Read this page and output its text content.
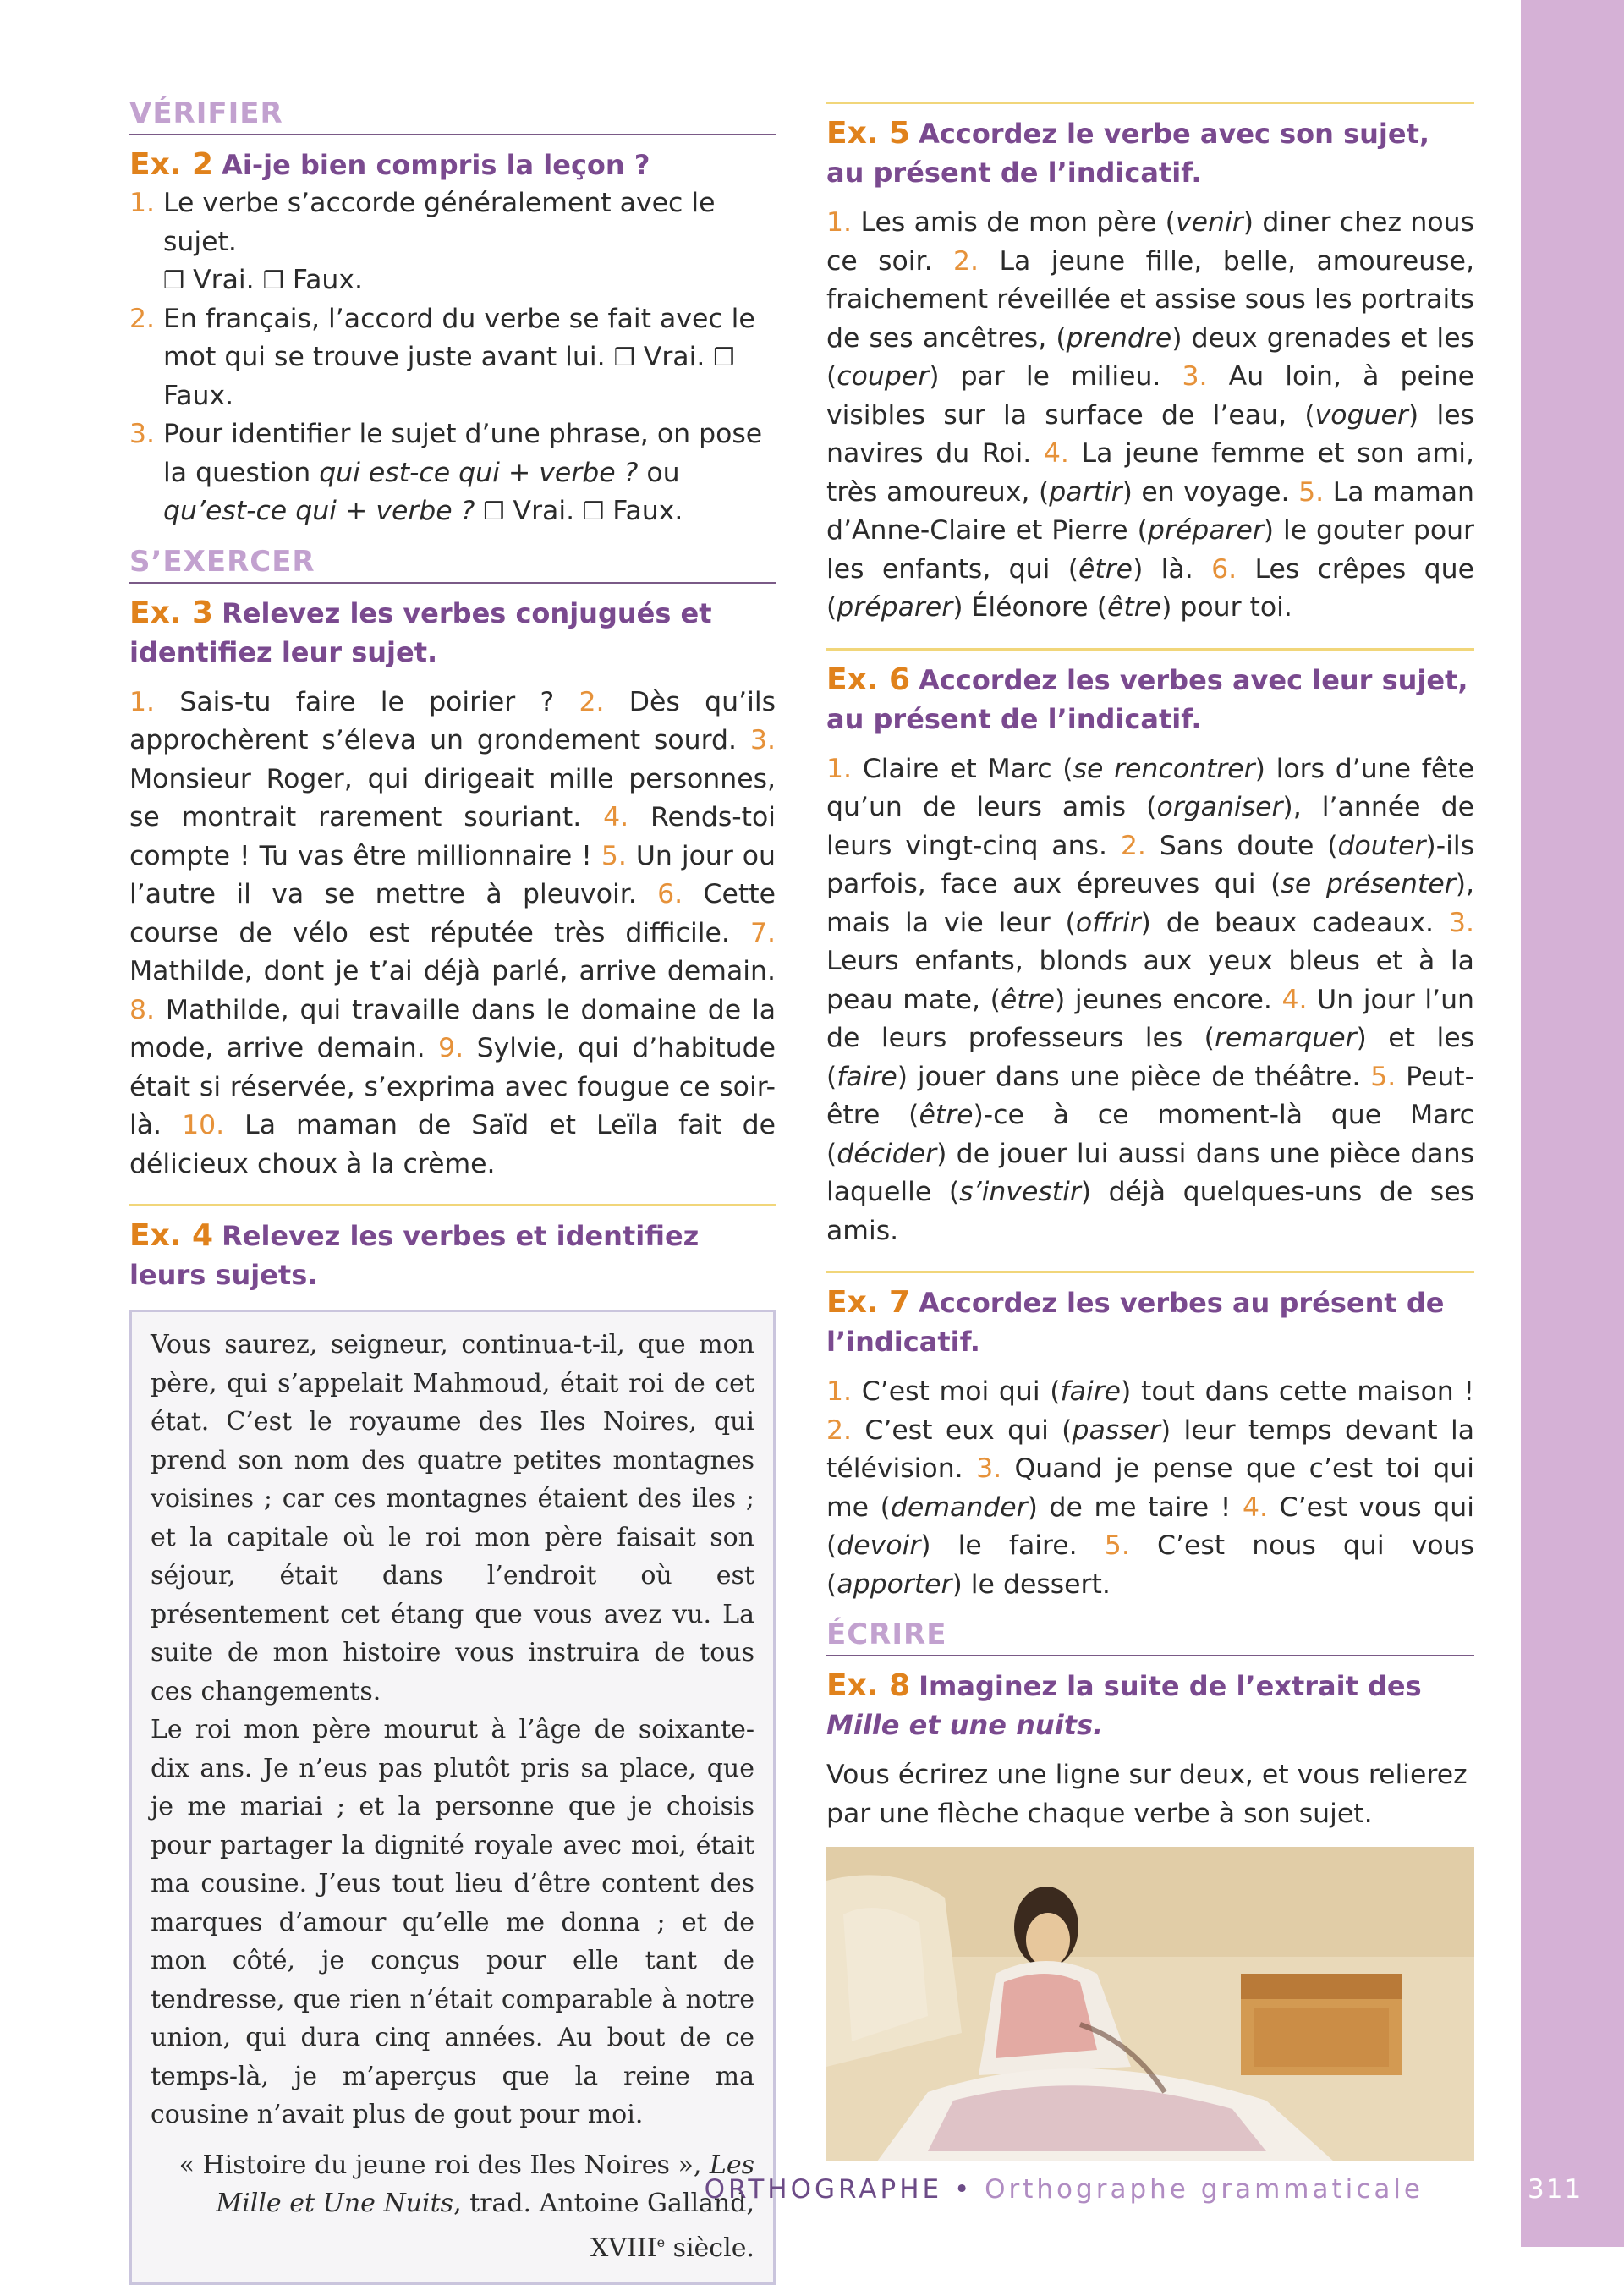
VÉRIFIER
Ex. 2 Ai-je bien compris la leçon ?
1. Le verbe s’accorde généralement avec le sujet.
❒ Vrai. ❒ Faux.
2. En français, l’accord du verbe se fait avec le mot qui se trouve juste avant lui. ❒ Vrai. ❒ Faux.
3. Pour identifier le sujet d’une phrase, on pose la question qui est-ce qui + verbe ? ou qu’est-ce qui + verbe ? ❒ Vrai. ❒ Faux.
S’EXERCER
Ex. 3 Relevez les verbes conjugués et identifiez leur sujet.
1. Sais-tu faire le poirier ? 2. Dès qu’ils approchèrent s’éleva un grondement sourd. 3. Monsieur Roger, qui dirigeait mille personnes, se montrait rarement souriant. 4. Rends-toi compte ! Tu vas être millionnaire ! 5. Un jour ou l’autre il va se mettre à pleuvoir. 6. Cette course de vélo est réputée très difficile. 7. Mathilde, dont je t’ai déjà parlé, arrive demain. 8. Mathilde, qui travaille dans le domaine de la mode, arrive demain. 9. Sylvie, qui d’habitude était si réservée, s’exprima avec fougue ce soir-là. 10. La maman de Saïd et Leïla fait de délicieux choux à la crème.
Ex. 4 Relevez les verbes et identifiez leurs sujets.

Vous saurez, seigneur, continua-t-il, que mon père, qui s’appelait Mahmoud, était roi de cet état. C’est le royaume des Iles Noires, qui prend son nom des quatre petites montagnes voisines ; car ces montagnes étaient des iles ; et la capitale où le roi mon père faisait son séjour, était dans l’endroit où est présentement cet étang que vous avez vu. La suite de mon histoire vous instruira de tous ces changements.

Le roi mon père mourut à l’âge de soixante-dix ans. Je n’eus pas plutôt pris sa place, que je me mariai ; et la personne que je choisis pour partager la dignité royale avec moi, était ma cousine. J’eus tout lieu d’être content des marques d’amour qu’elle me donna ; et de mon côté, je conçus pour elle tant de tendresse, que rien n’était comparable à notre union, qui dura cinq années. Au bout de ce temps-là, je m’aperçus que la reine ma cousine n’avait plus de gout pour moi.

« Histoire du jeune roi des Iles Noires », Les Mille et Une Nuits, trad. Antoine Galland, XVIIIe siècle.

Ex. 5 Accordez le verbe avec son sujet, au présent de l’indicatif.
1. Les amis de mon père (venir) diner chez nous ce soir. 2. La jeune fille, belle, amoureuse, fraichement réveillée et assise sous les portraits de ses ancêtres, (prendre) deux grenades et les (couper) par le milieu. 3. Au loin, à peine visibles sur la surface de l’eau, (voguer) les navires du Roi. 4. La jeune femme et son ami, très amoureux, (partir) en voyage. 5. La maman d’Anne-Claire et Pierre (préparer) le gouter pour les enfants, qui (être) là. 6. Les crêpes que (préparer) Éléonore (être) pour toi.
Ex. 6 Accordez les verbes avec leur sujet, au présent de l’indicatif.
1. Claire et Marc (se rencontrer) lors d’une fête qu’un de leurs amis (organiser), l’année de leurs vingt-cinq ans. 2. Sans doute (douter)-ils parfois, face aux épreuves qui (se présenter), mais la vie leur (offrir) de beaux cadeaux. 3. Leurs enfants, blonds aux yeux bleus et à la peau mate, (être) jeunes encore. 4. Un jour l’un de leurs professeurs les (remarquer) et les (faire) jouer dans une pièce de théâtre. 5. Peut-être (être)-ce à ce moment-là que Marc (décider) de jouer lui aussi dans une pièce dans laquelle (s’investir) déjà quelques-uns de ses amis.
Ex. 7 Accordez les verbes au présent de l’indicatif.
1. C’est moi qui (faire) tout dans cette maison ! 2. C’est eux qui (passer) leur temps devant la télévision. 3. Quand je pense que c’est toi qui me (demander) de me taire ! 4. C’est vous qui (devoir) le faire. 5. C’est nous qui vous (apporter) le dessert.
ÉCRIRE
Ex. 8 Imaginez la suite de l’extrait des Mille et une nuits.
Vous écrirez une ligne sur deux, et vous relierez par une flèche chaque verbe à son sujet.
ORTHOGRAPHE • Orthographe grammaticale	311
